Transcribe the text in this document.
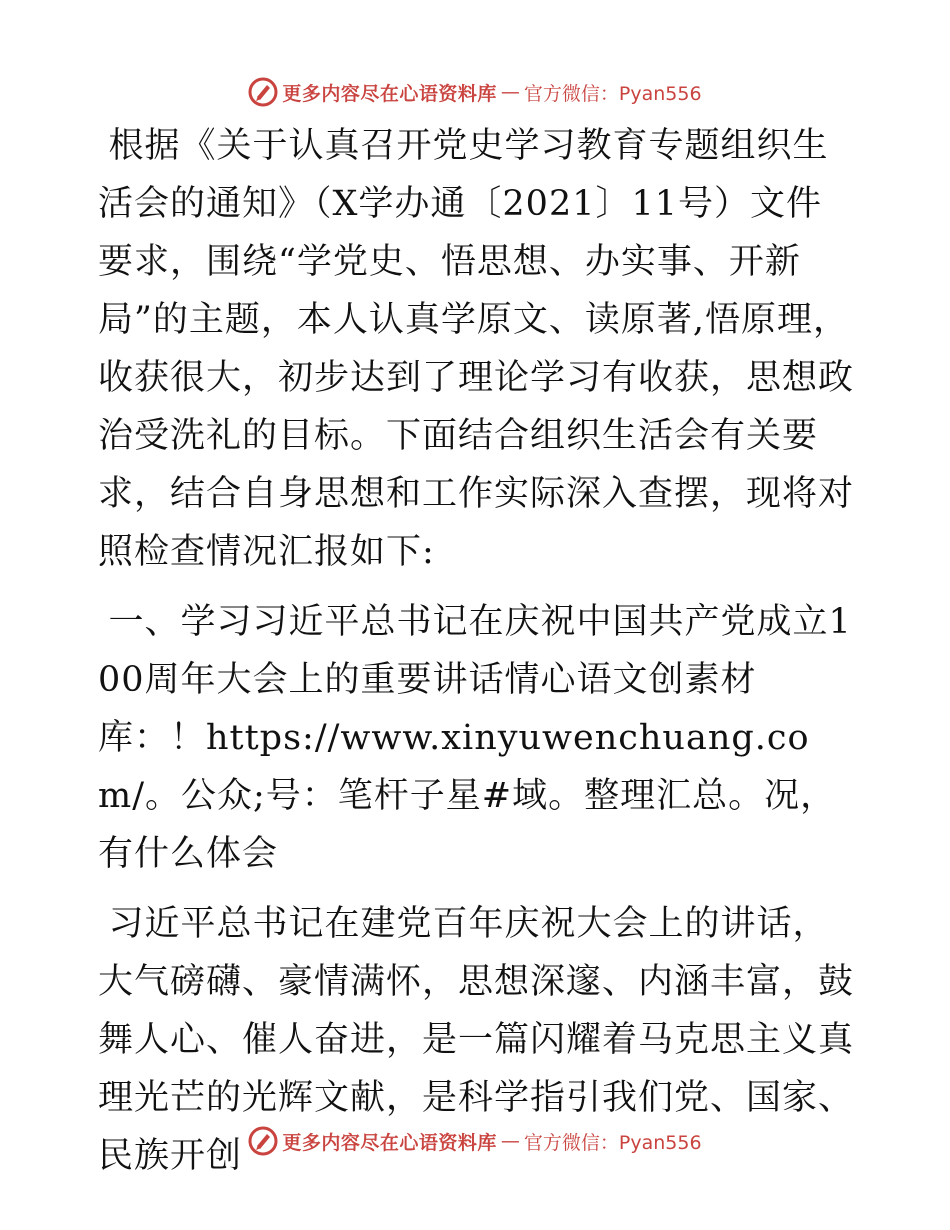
更多内容尽在心语资料库 — 官方微信：Pyan556

根据《关于认真召开党史学习教育专题组织生活会的通知》（X学办通〔2021〕11号）文件要求，围绕“学党史、悟思想、办实事、开新局”的主题，本人认真学原文、读原著,悟原理，收获很大，初步达到了理论学习有收获，思想政治受洗礼的目标。下面结合组织生活会有关要求，结合自身思想和工作实际深入查摆，现将对照检查情况汇报如下:

一、学习习近平总书记在庆祝中国共产党成立100周年大会上的重要讲话情心语文创素材库：！https://www.xinyuwenchuang.com/。公众;号：笔杆子星#域。整理汇总。况，有什么体会

习近平总书记在建党百年庆祝大会上的讲话，大气磅礴、豪情满怀，思想深邃、内涵丰富，鼓舞人心、催人奋进，是一篇闪耀着马克思主义真理光芒的光辉文献，是科学指引我们党、国家、民族开创	更多内容尽在心语资料库 — 官方微信：Pyan556
